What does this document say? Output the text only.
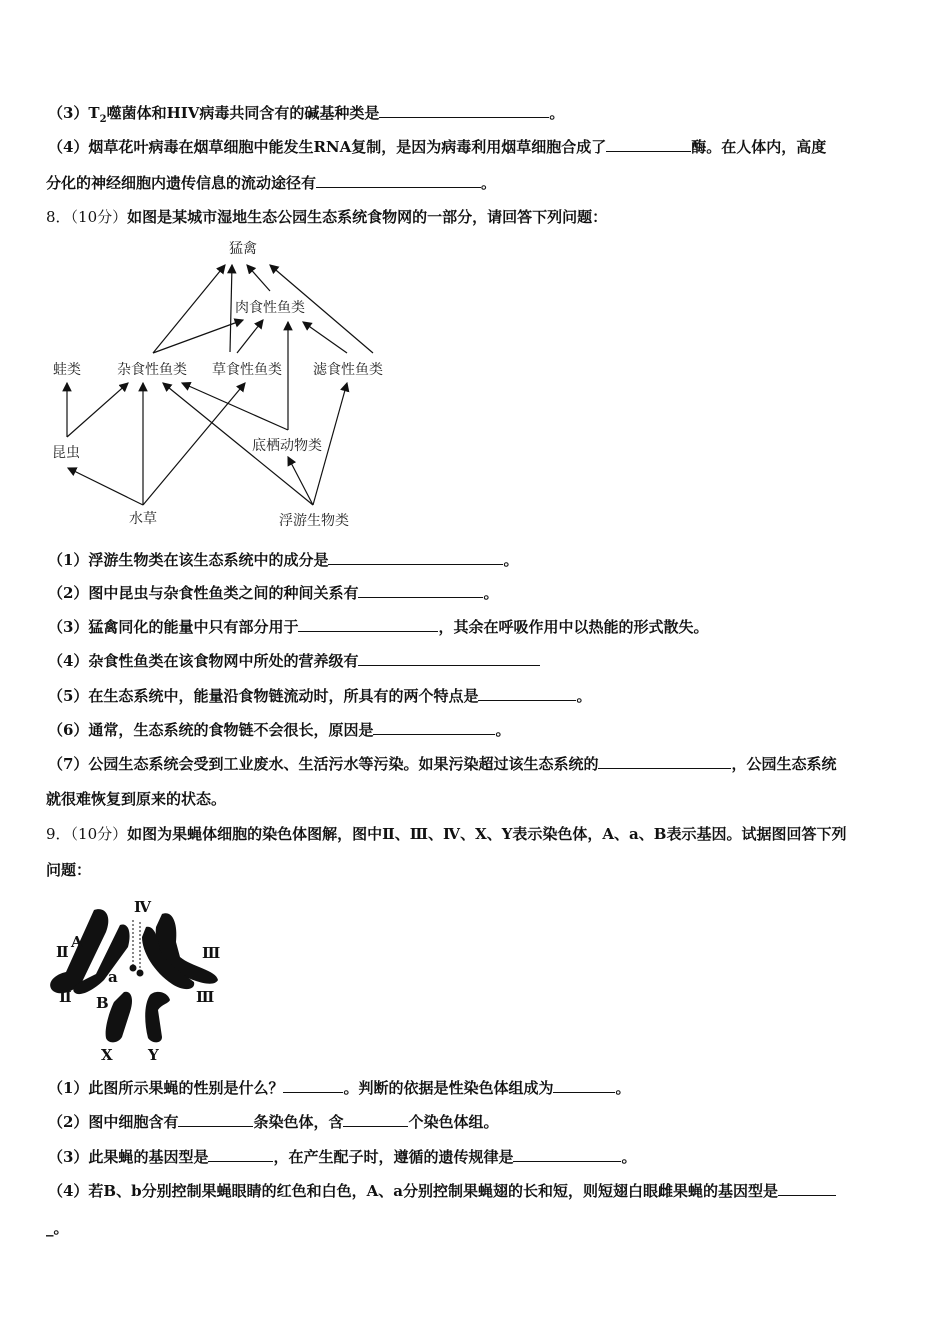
$(3)T_2$噬菌体和HIV病毒共同含有的碱基种类是	。
（4）烟草花叶病毒在烟草细胞中能发生RNA复制，是因为病毒利用烟草细胞合成了	酶。在人体内，高度
分化的神经细胞内遗传信息的流动途径有	。
8．（10分）如图是某城市湿地生态公园生态系统食物网的一部分，请回答下列问题：
猛禽
肉食性鱼类
蛙类	杂食性鱼类 草食性鱼类 滤食性鱼类
昆虫	底栖动物类
水草	浮游生物类
（1）浮游生物类在该生态系统中的成分是	。
（2）图中昆虫与杂食性鱼类之间的种间关系有	。
（3）猛禽同化的能量中只有部分用于	，其余在呼吸作用中以热能的形式散失。
（4）杂食性鱼类在该食物网中所处的营养级有
（5）在生态系统中，能量沿食物链流动时，所具有的两个特点是	。
（6）通常，生态系统的食物链不会很长，原因是	。
（7）公园生态系统会受到工业废水、生活污水等污染。如果污染超过该生态系统的	，公园生态系统
就很难恢复到原来的状态。
9．（10分）如图为果蝇体细胞的染色体图解，图中Ⅱ、Ⅲ、Ⅳ、X、Y表示染色体，A、a、B表示基因。试据图回答下列
问题：
Ⅳ
Ⅱ
A
a
Ⅱ B
Ⅲ
Ⅲ
X Y
（1）此图所示果蝇的性别是什么？	。判断的依据是性染色体组成为	。
（2）图中细胞含有	条染色体，含	个染色体组。
（3）此果蝇的基因型是	，在产生配子时，遵循的遗传规律是	。
（4）若B、b分别控制果蝇眼睛的红色和白色，A、a分别控制果蝇翅的长和短，则短翅白眼雌果蝇的基因型是
_。
